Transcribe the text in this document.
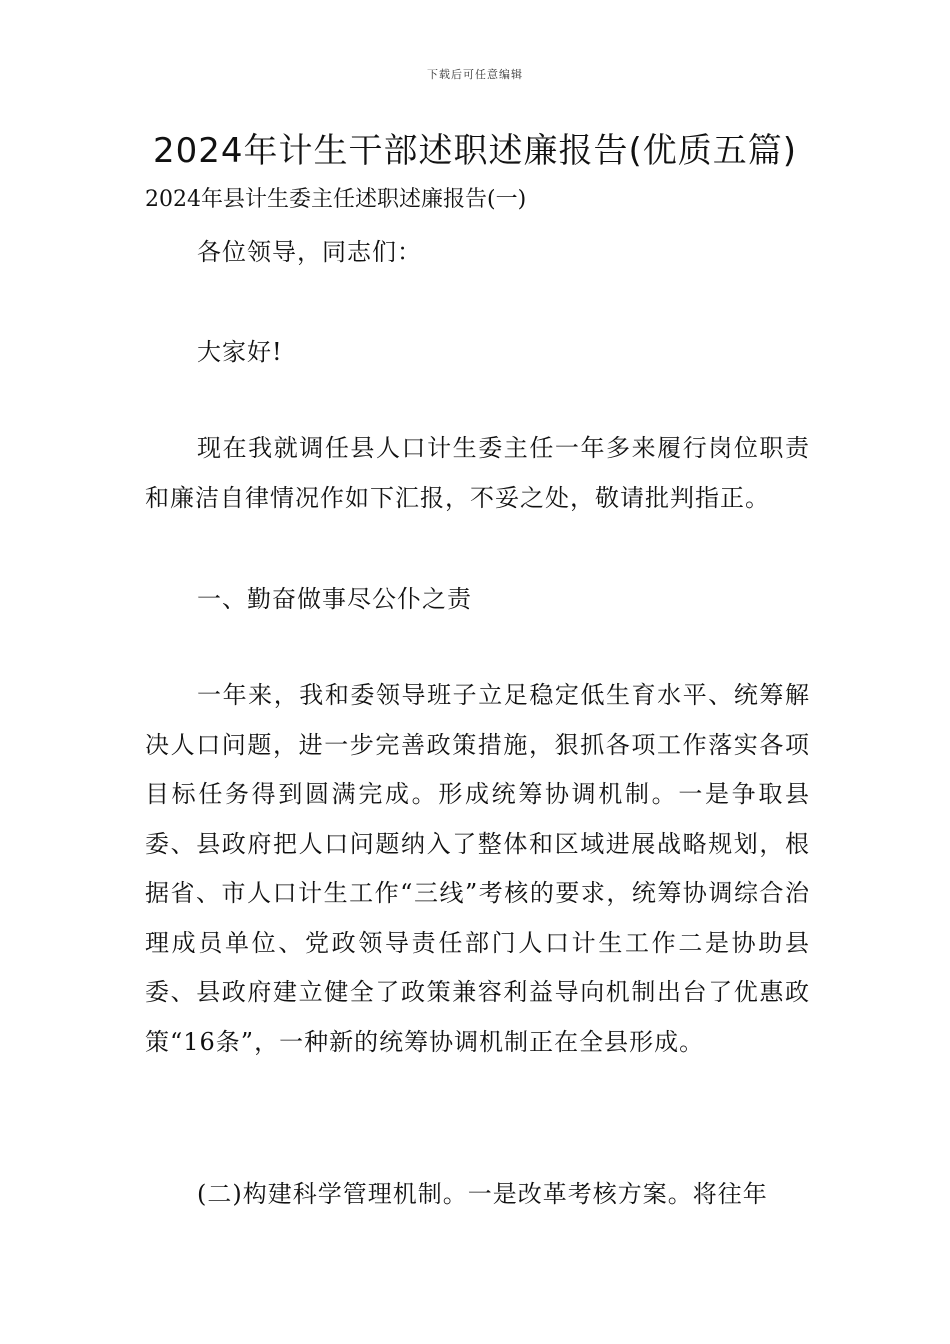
下载后可任意编辑
2024年计生干部述职述廉报告(优质五篇)

2024年县计生委主任述职述廉报告(一)

各位领导，同志们：

大家好!

现在我就调任县人口计生委主任一年多来履行岗位职责和廉洁自律情况作如下汇报，不妥之处，敬请批判指正。

一、勤奋做事尽公仆之责

一年来，我和委领导班子立足稳定低生育水平、统筹解决人口问题，进一步完善政策措施，狠抓各项工作落实各项目标任务得到圆满完成。形成统筹协调机制。一是争取县委、县政府把人口问题纳入了整体和区域进展战略规划，根据省、市人口计生工作“三线”考核的要求，统筹协调综合治理成员单位、党政领导责任部门人口计生工作二是协助县委、县政府建立健全了政策兼容利益导向机制出台了优惠政策“16条”，一种新的统筹协调机制正在全县形成。

(二)构建科学管理机制。一是改革考核方案。将往年
